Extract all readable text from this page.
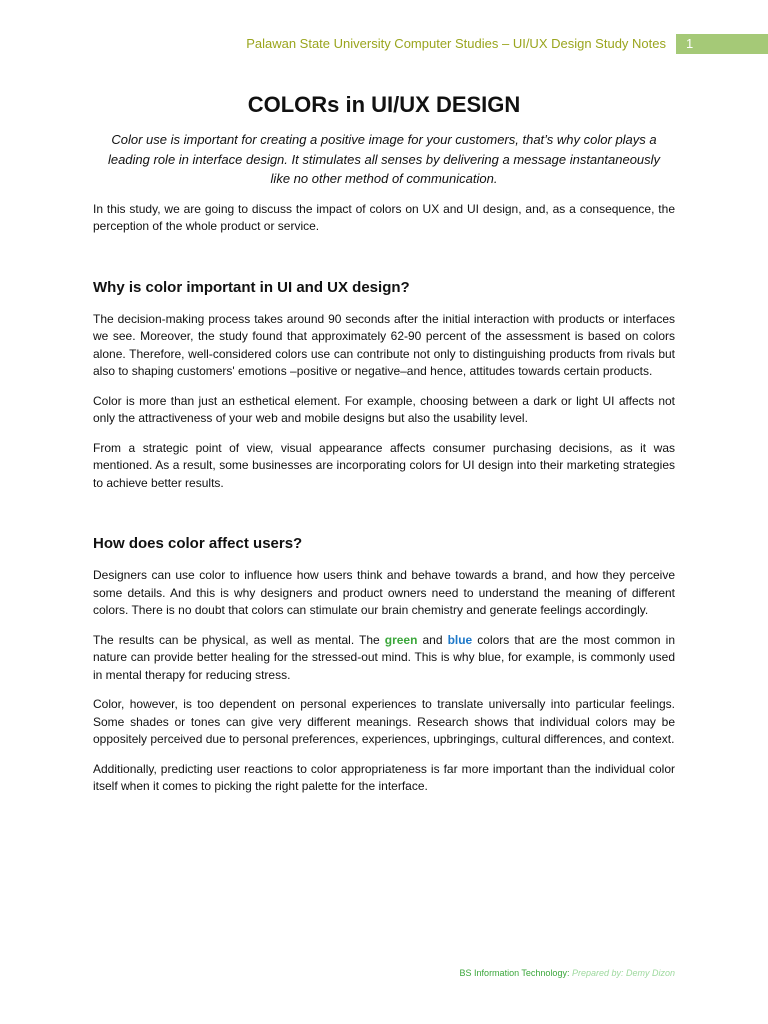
Palawan State University Computer Studies – UI/UX Design Study Notes 1
COLORs in UI/UX DESIGN
Color use is important for creating a positive image for your customers, that’s why color plays a leading role in interface design. It stimulates all senses by delivering a message instantaneously like no other method of communication.

In this study, we are going to discuss the impact of colors on UX and UI design, and, as a consequence, the perception of the whole product or service.

Why is color important in UI and UX design?

The decision-making process takes around 90 seconds after the initial interaction with products or interfaces we see. Moreover, the study found that approximately 62-90 percent of the assessment is based on colors alone. Therefore, well-considered colors use can contribute not only to distinguishing products from rivals but also to shaping customers' emotions –positive or negative–and hence, attitudes towards certain products.

Color is more than just an esthetical element. For example, choosing between a dark or light UI affects not only the attractiveness of your web and mobile designs but also the usability level.

From a strategic point of view, visual appearance affects consumer purchasing decisions, as it was mentioned. As a result, some businesses are incorporating colors for UI design into their marketing strategies to achieve better results.

How does color affect users?

Designers can use color to influence how users think and behave towards a brand, and how they perceive some details. And this is why designers and product owners need to understand the meaning of different colors. There is no doubt that colors can stimulate our brain chemistry and generate feelings accordingly.

The results can be physical, as well as mental. The green and blue colors that are the most common in nature can provide better healing for the stressed-out mind. This is why blue, for example, is commonly used in mental therapy for reducing stress.

Color, however, is too dependent on personal experiences to translate universally into particular feelings. Some shades or tones can give very different meanings. Research shows that individual colors may be oppositely perceived due to personal preferences, experiences, upbringings, cultural differences, and context.

Additionally, predicting user reactions to color appropriateness is far more important than the individual color itself when it comes to picking the right palette for the interface.

BS Information Technology: Prepared by: Demy Dizon
